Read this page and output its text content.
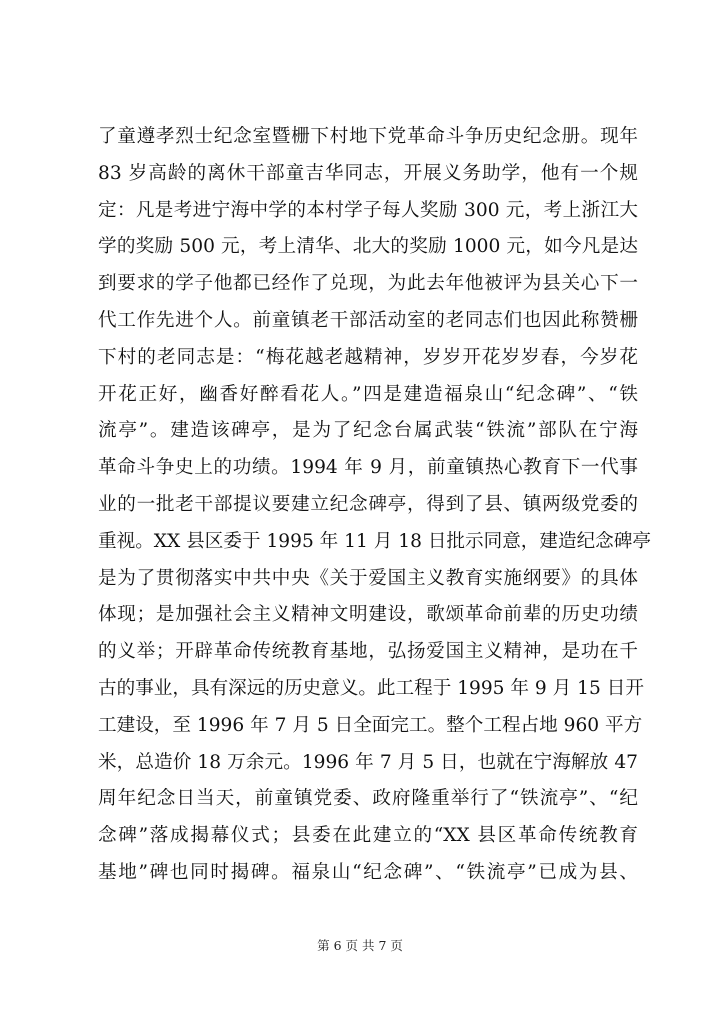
了童遵孝烈士纪念室暨栅下村地下党革命斗争历史纪念册。现年
83 岁高龄的离休干部童吉华同志，开展义务助学，他有一个规
定：凡是考进宁海中学的本村学子每人奖励 300 元，考上浙江大
学的奖励 500 元，考上清华、北大的奖励 1000 元，如今凡是达
到要求的学子他都已经作了兑现，为此去年他被评为县关心下一
代工作先进个人。前童镇老干部活动室的老同志们也因此称赞栅
下村的老同志是：“梅花越老越精神，岁岁开花岁岁春，今岁花
开花正好，幽香好醉看花人。”四是建造福泉山“纪念碑”、“铁
流亭”。建造该碑亭，是为了纪念台属武装“铁流”部队在宁海
革命斗争史上的功绩。1994 年 9 月，前童镇热心教育下一代事
业的一批老干部提议要建立纪念碑亭，得到了县、镇两级党委的
重视。XX 县区委于 1995 年 11 月 18 日批示同意，建造纪念碑亭
是为了贯彻落实中共中央《关于爱国主义教育实施纲要》的具体
体现；是加强社会主义精神文明建设，歌颂革命前辈的历史功绩
的义举；开辟革命传统教育基地，弘扬爱国主义精神，是功在千
古的事业，具有深远的历史意义。此工程于 1995 年 9 月 15 日开
工建设，至 1996 年 7 月 5 日全面完工。整个工程占地 960 平方
米，总造价 18 万余元。1996 年 7 月 5 日，也就在宁海解放 47
周年纪念日当天，前童镇党委、政府隆重举行了“铁流亭”、“纪
念碑”落成揭幕仪式；县委在此建立的“XX 县区革命传统教育
基地”碑也同时揭碑。福泉山“纪念碑”、“铁流亭”已成为县、
第 6 页 共 7 页
